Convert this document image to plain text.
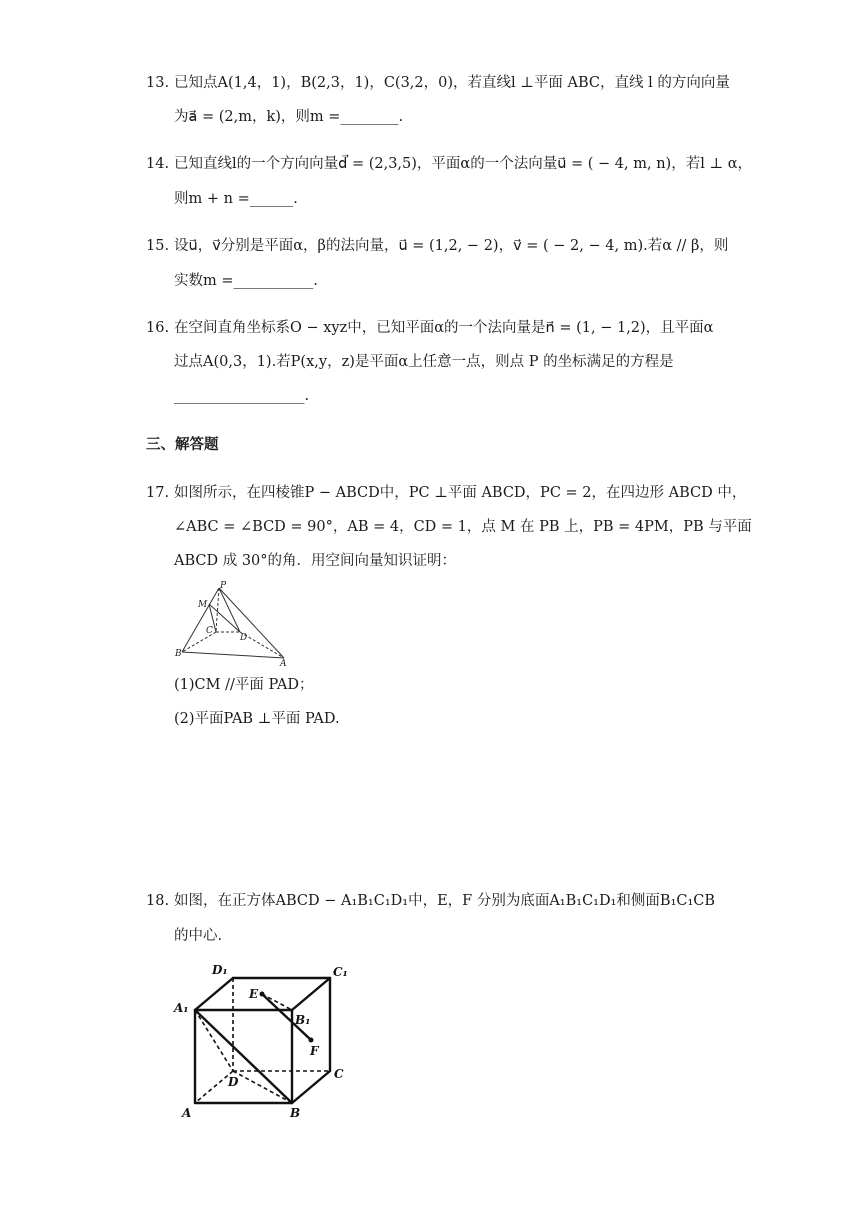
13. 已知点A(1,4，1)，B(2,3，1)，C(3,2，0)，若直线l ⊥平面 ABC，直线 l 的方向向量
为a⃗ = (2,m，k)，则m =________.
14. 已知直线l的一个方向向量d⃗ = (2,3,5)，平面α的一个法向量u⃗ = ( − 4, m, n)，若l ⊥ α，
则m + n =______.
15. 设u⃗，v⃗分别是平面α，β的法向量，u⃗ = (1,2, − 2)，v⃗ = ( − 2, − 4, m).若α // β，则
实数m =___________.
16. 在空间直角坐标系O − xyz中，已知平面α的一个法向量是n⃗ = (1, − 1,2)，且平面α
过点A(0,3，1).若P(x,y，z)是平面α上任意一点，则点 P 的坐标满足的方程是
__________________.
三、解答题
17. 如图所示，在四棱锥P − ABCD中，PC ⊥平面 ABCD，PC = 2，在四边形 ABCD 中，
∠ABC = ∠BCD = 90°，AB = 4，CD = 1，点 M 在 PB 上，PB = 4PM，PB 与平面
ABCD 成 30°的角．用空间向量知识证明：
P
M
C
D
B
A
(1)CM //平面 PAD；
(2)平面PAB ⊥平面 PAD.
18. 如图，在正方体ABCD − A₁B₁C₁D₁中，E，F 分别为底面A₁B₁C₁D₁和侧面B₁C₁CB
的中心.
D₁	C₁
A₁
B₁
E
F
D
C
A	B
